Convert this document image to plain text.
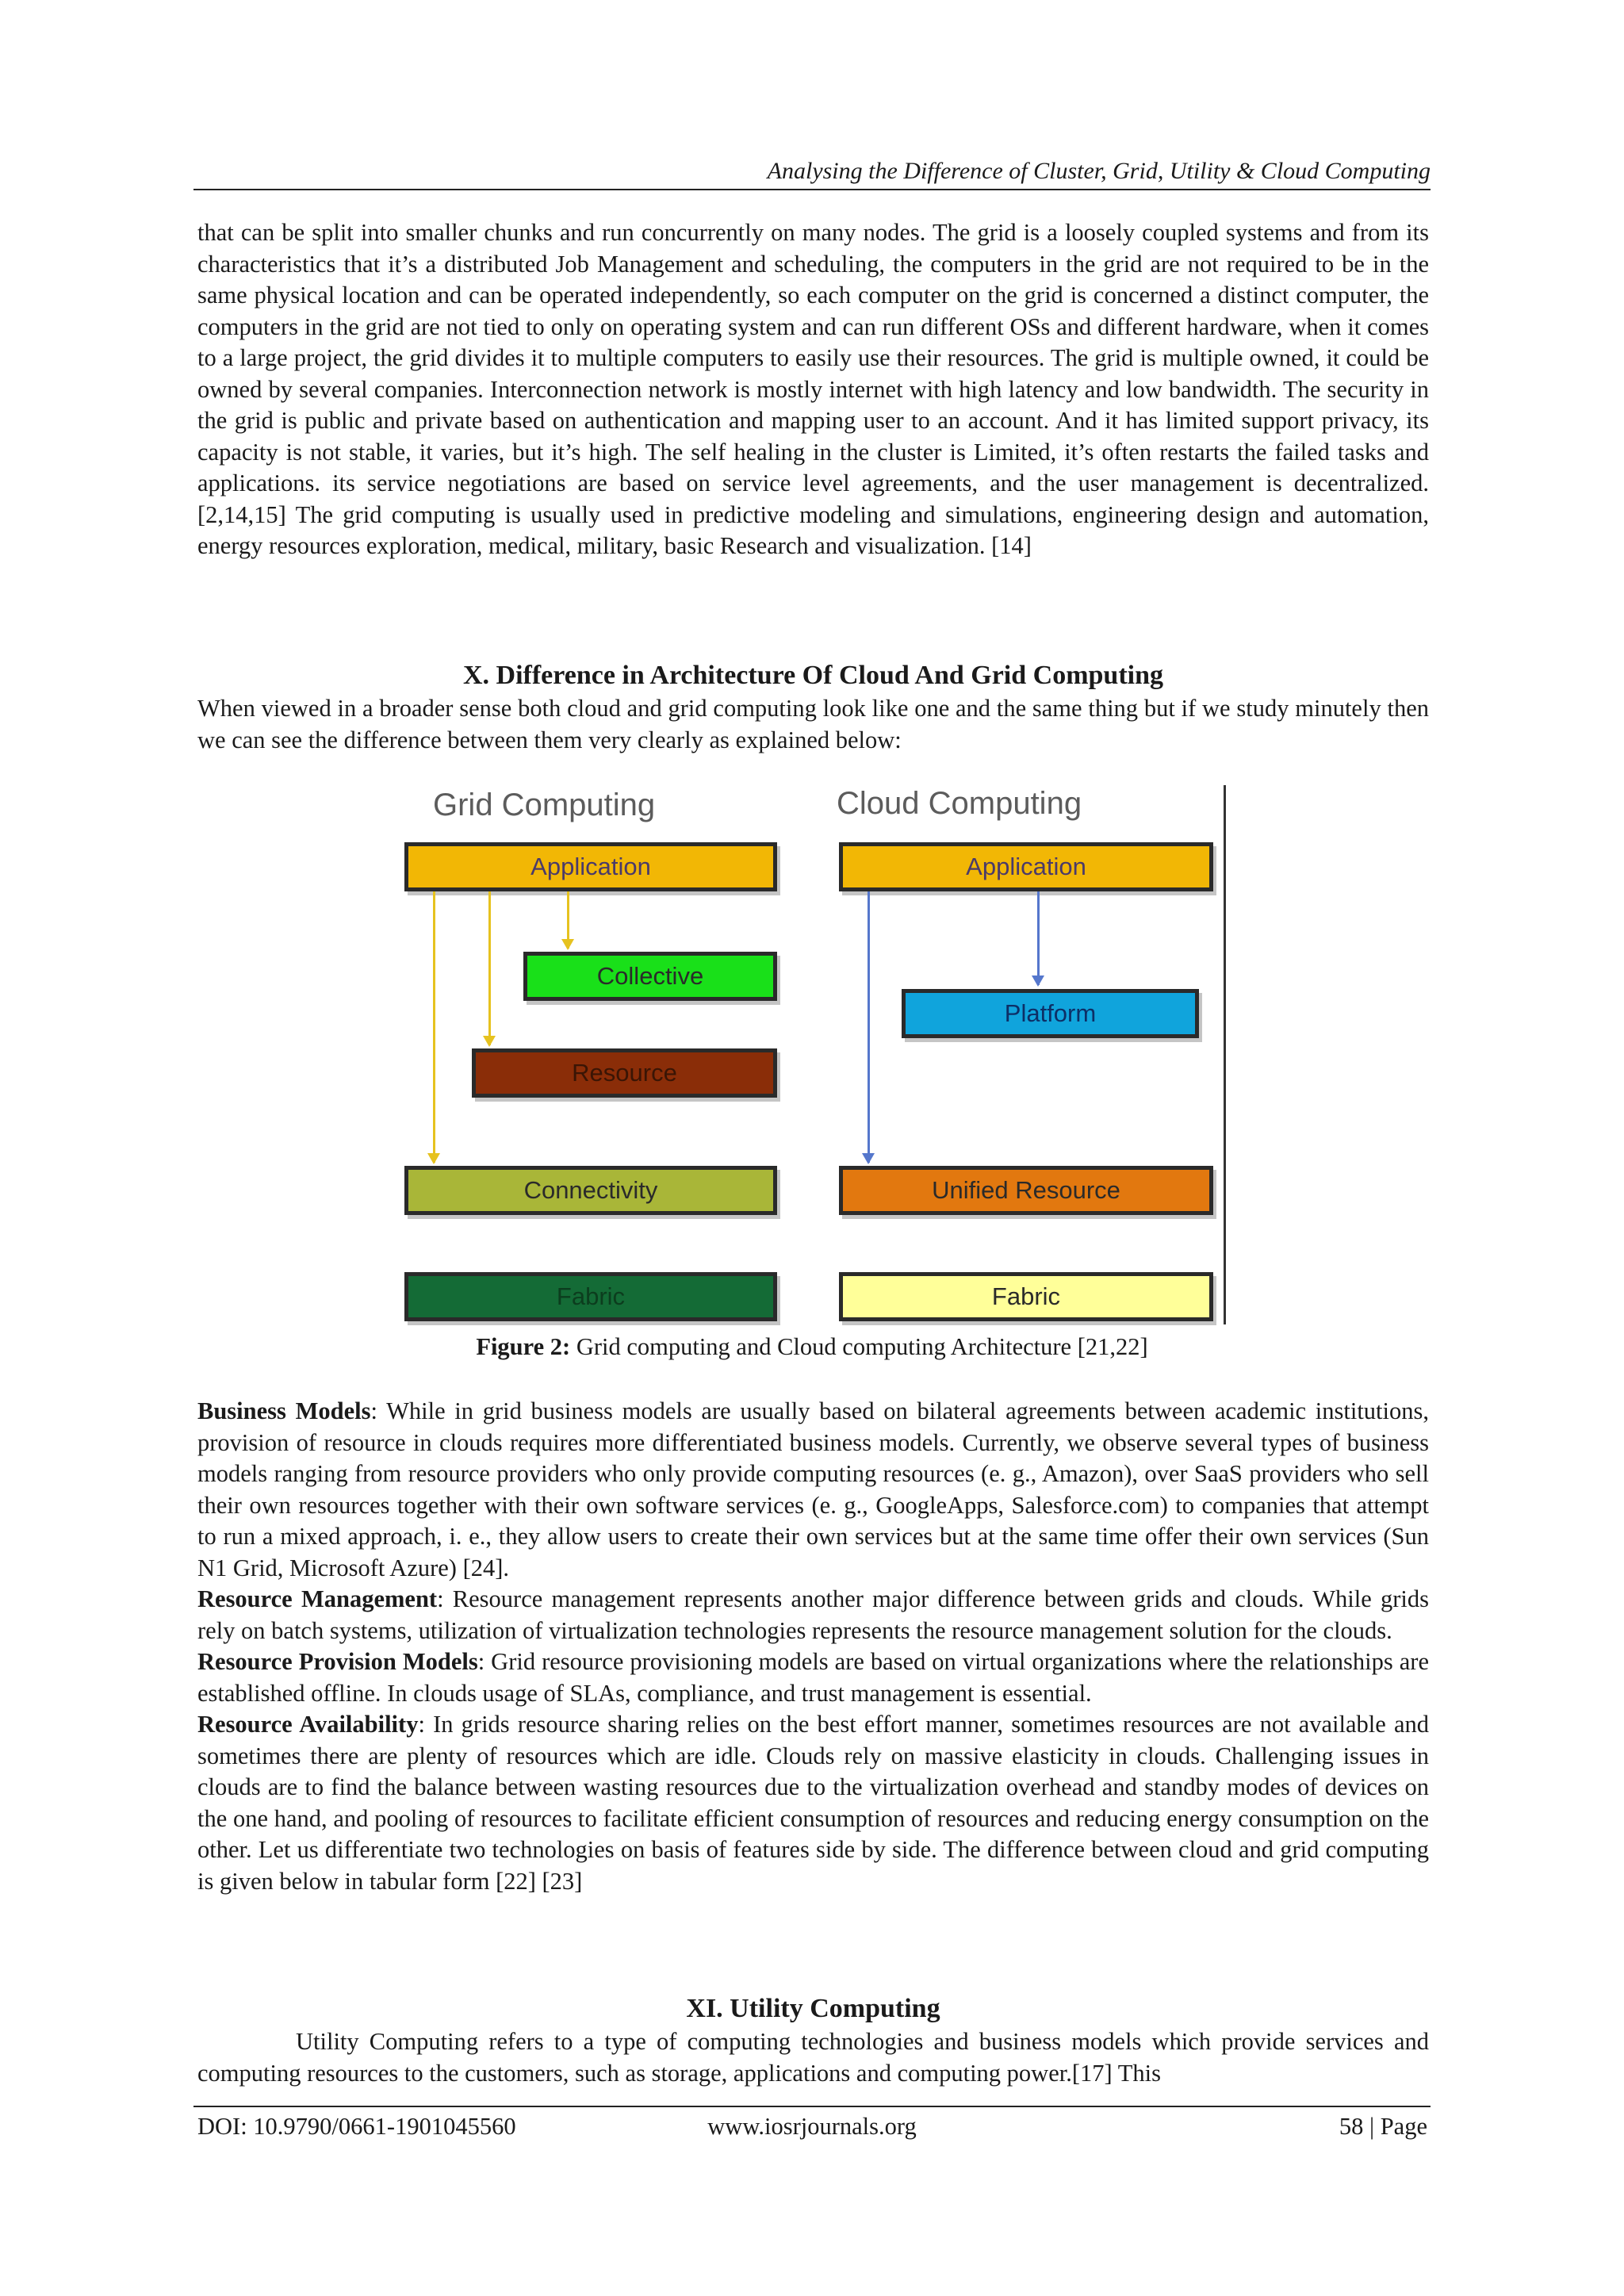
Analysing the Difference of Cluster, Grid, Utility & Cloud Computing

that can be split into smaller chunks and run concurrently on many nodes. The grid is a loosely coupled systems and from its characteristics that it’s a distributed Job Management and scheduling, the computers in the grid are not required to be in the same physical location and can be operated independently, so each computer on the grid is concerned a distinct computer, the computers in the grid are not tied to only on operating system and can run different OSs and different hardware, when it comes to a large project, the grid divides it to multiple computers to easily use their resources. The grid is multiple owned, it could be owned by several companies. Interconnection network is mostly internet with high latency and low bandwidth. The security in the grid is public and private based on authentication and mapping user to an account. And it has limited support privacy, its capacity is not stable, it varies, but it’s high. The self healing in the cluster is Limited, it’s often restarts the failed tasks and applications. its service negotiations are based on service level agreements, and the user management is decentralized.[2,14,15] The grid computing is usually used in predictive modeling and simulations, engineering design and automation, energy resources exploration, medical, military, basic Research and visualization. [14]

X. Difference in Architecture Of Cloud And Grid Computing

When viewed in a broader sense both cloud and grid computing look like one and the same thing but if we study minutely then we can see the difference between them very clearly as explained below:

Grid Computing	Cloud Computing
Application
Collective
Resource
Connectivity
Fabric
Application
Platform
Unified Resource
Fabric
Figure 2: Grid computing and Cloud computing Architecture [21,22]

Business Models: While in grid business models are usually based on bilateral agreements between academic institutions, provision of resource in clouds requires more differentiated business models. Currently, we observe several types of business models ranging from resource providers who only provide computing resources (e. g., Amazon), over SaaS providers who sell their own resources together with their own software services (e. g., GoogleApps, Salesforce.com) to companies that attempt to run a mixed approach, i. e., they allow users to create their own services but at the same time offer their own services (Sun N1 Grid, Microsoft Azure) [24].

Resource Management: Resource management represents another major difference between grids and clouds. While grids rely on batch systems, utilization of virtualization technologies represents the resource management solution for the clouds.

Resource Provision Models: Grid resource provisioning models are based on virtual organizations where the relationships are established offline. In clouds usage of SLAs, compliance, and trust management is essential.

Resource Availability: In grids resource sharing relies on the best effort manner, sometimes resources are not available and sometimes there are plenty of resources which are idle. Clouds rely on massive elasticity in clouds. Challenging issues in clouds are to find the balance between wasting resources due to the virtualization overhead and standby modes of devices on the one hand, and pooling of resources to facilitate efficient consumption of resources and reducing energy consumption on the other. Let us differentiate two technologies on basis of features side by side. The difference between cloud and grid computing is given below in tabular form [22] [23]

XI. Utility Computing

Utility Computing refers to a type of computing technologies and business models which provide services and computing resources to the customers, such as storage, applications and computing power.[17] This

DOI: 10.9790/0661-1901045560	www.iosrjournals.org	58 | Page
